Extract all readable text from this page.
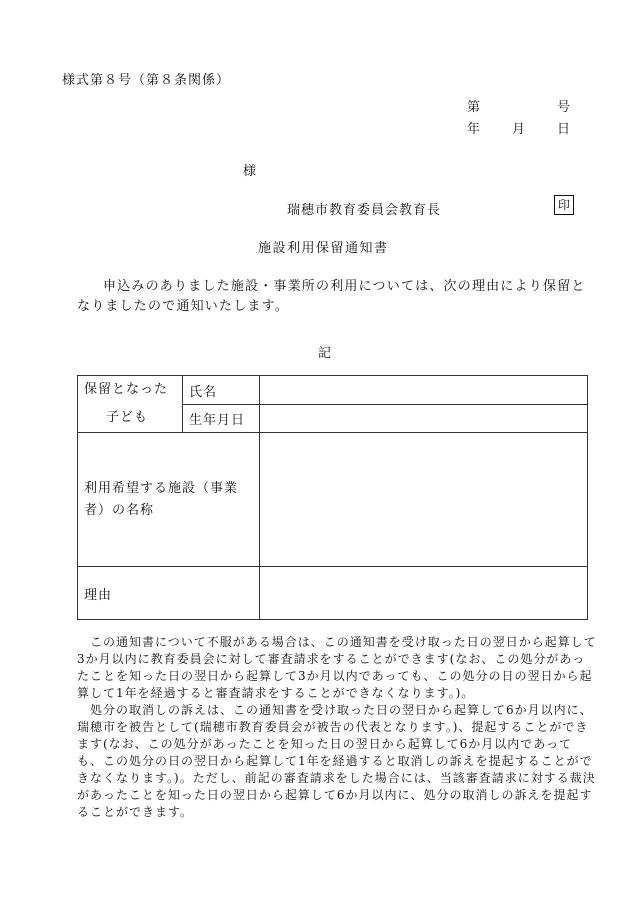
様式第８号（第８条関係）
第	号
年 月 日
様
瑞穂市教育委員会教育長	印
施設利用保留通知書

申込みのありました施設・事業所の利用については、次の理由により保留となりましたので通知いたします。

記
保留となった
子ども	氏名	
	生年月日	
利用希望する施設（事業者）の名称		
理由		

この通知書について不服がある場合は、この通知書を受け取った日の翌日から起算して3か月以内に教育委員会に対して審査請求をすることができます(なお、この処分があったことを知った日の翌日から起算して3か月以内であっても、この処分の日の翌日から起算して1年を経過すると審査請求をすることができなくなります。)。

処分の取消しの訴えは、この通知書を受け取った日の翌日から起算して6か月以内に、瑞穂市を被告として(瑞穂市教育委員会が被告の代表となります。)、提起することができます(なお、この処分があったことを知った日の翌日から起算して6か月以内であっても、この処分の日の翌日から起算して1年を経過すると取消しの訴えを提起することができなくなります。)。ただし、前記の審査請求をした場合には、当該審査請求に対する裁決があったことを知った日の翌日から起算して6か月以内に、処分の取消しの訴えを提起することができます。
